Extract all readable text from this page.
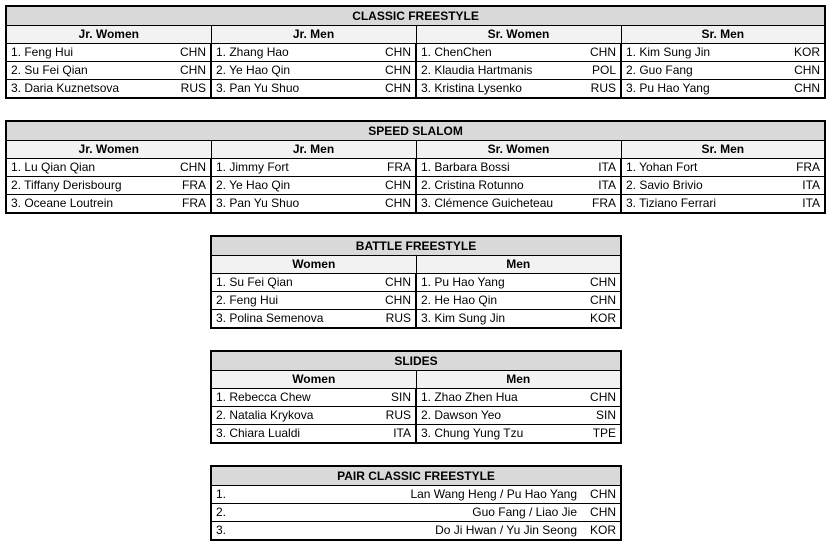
CLASSIC FREESTYLE							
Jr. Women		Jr. Men		Sr. Women		Sr. Men	
1. Feng Hui	CHN	1. Zhang Hao	CHN	1. ChenChen	CHN	1. Kim Sung Jin	KOR
2. Su Fei Qian	CHN	2. Ye Hao Qin	CHN	2. Klaudia Hartmanis	POL	2. Guo Fang	CHN
3. Daria Kuznetsova	RUS	3. Pan Yu Shuo	CHN	3. Kristina Lysenko	RUS	3. Pu Hao Yang	CHN
SPEED SLALOM							
Jr. Women		Jr. Men		Sr. Women		Sr. Men	
1. Lu Qian Qian	CHN	1. Jimmy Fort	FRA	1. Barbara Bossi	ITA	1. Yohan Fort	FRA
2. Tiffany Derisbourg	FRA	2. Ye Hao Qin	CHN	2. Cristina Rotunno	ITA	2. Savio Brivio	ITA
3. Oceane Loutrein	FRA	3. Pan Yu Shuo	CHN	3. Clémence Guicheteau	FRA	3. Tiziano Ferrari	ITA
BATTLE FREESTYLE			
Women		Men	
1. Su Fei Qian	CHN	1. Pu Hao Yang	CHN
2. Feng Hui	CHN	2. He Hao Qin	CHN
3. Polina Semenova	RUS	3. Kim Sung Jin	KOR
SLIDES			
Women		Men	
1. Rebecca Chew	SIN	1. Zhao Zhen Hua	CHN
2. Natalia Krykova	RUS	2. Dawson Yeo	SIN
3. Chiara Lualdi	ITA	3. Chung Yung Tzu	TPE
PAIR CLASSIC FREESTYLE		
1.	Lan Wang Heng / Pu Hao Yang	CHN
2.	Guo Fang / Liao Jie	CHN
3.	Do Ji Hwan / Yu Jin Seong	KOR
